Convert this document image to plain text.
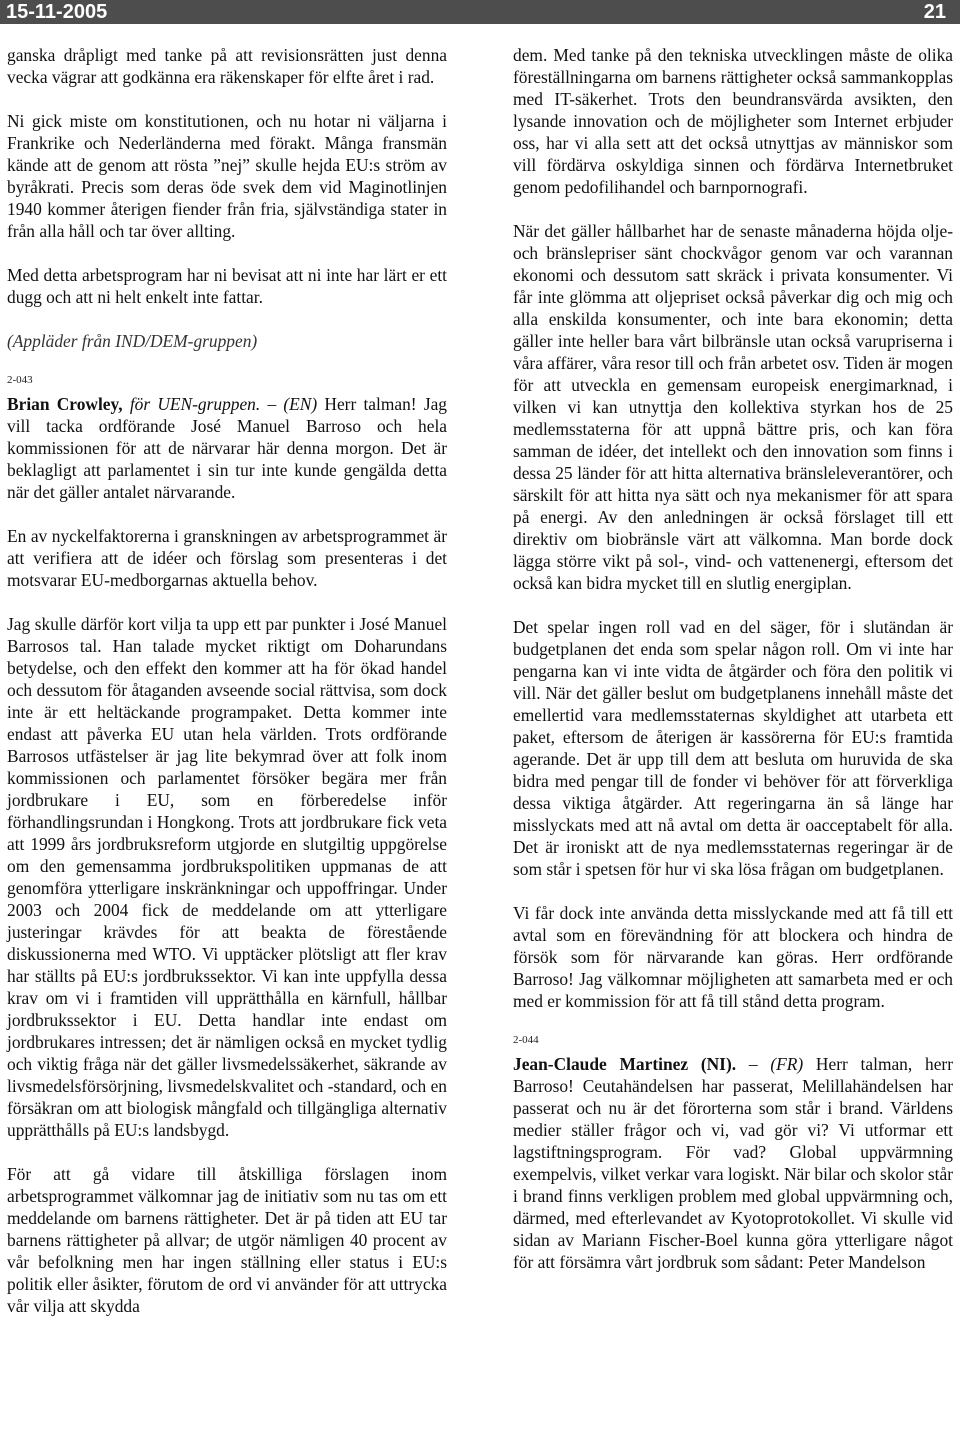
15-11-2005	21

ganska dråpligt med tanke på att revisionsrätten just denna vecka vägrar att godkänna era räkenskaper för elfte året i rad.

Ni gick miste om konstitutionen, och nu hotar ni väljarna i Frankrike och Nederländerna med förakt. Många fransmän kände att de genom att rösta ”nej” skulle hejda EU:s ström av byråkrati. Precis som deras öde svek dem vid Maginotlinjen 1940 kommer återigen fiender från fria, självständiga stater in från alla håll och tar över allting.

Med detta arbetsprogram har ni bevisat att ni inte har lärt er ett dugg och att ni helt enkelt inte fattar.

(Appläder från IND/DEM-gruppen)

2-043

Brian Crowley, för UEN-gruppen. – (EN) Herr talman! Jag vill tacka ordförande José Manuel Barroso och hela kommissionen för att de närvarar här denna morgon. Det är beklagligt att parlamentet i sin tur inte kunde gengälda detta när det gäller antalet närvarande.

En av nyckelfaktorerna i granskningen av arbetsprogrammet är att verifiera att de idéer och förslag som presenteras i det motsvarar EU-medborgarnas aktuella behov.

Jag skulle därför kort vilja ta upp ett par punkter i José Manuel Barrosos tal. Han talade mycket riktigt om Doharundans betydelse, och den effekt den kommer att ha för ökad handel och dessutom för åtaganden avseende social rättvisa, som dock inte är ett heltäckande programpaket. Detta kommer inte endast att påverka EU utan hela världen. Trots ordförande Barrosos utfästelser är jag lite bekymrad över att folk inom kommissionen och parlamentet försöker begära mer från jordbrukare i EU, som en förberedelse inför förhandlingsrundan i Hongkong. Trots att jordbrukare fick veta att 1999 års jordbruksreform utgjorde en slutgiltig uppgörelse om den gemensamma jordbrukspolitiken uppmanas de att genomföra ytterligare inskränkningar och uppoffringar. Under 2003 och 2004 fick de meddelande om att ytterligare justeringar krävdes för att beakta de förestående diskussionerna med WTO. Vi upptäcker plötsligt att fler krav har ställts på EU:s jordbrukssektor. Vi kan inte uppfylla dessa krav om vi i framtiden vill upprätthålla en kärnfull, hållbar jordbrukssektor i EU. Detta handlar inte endast om jordbrukares intressen; det är nämligen också en mycket tydlig och viktig fråga när det gäller livsmedelssäkerhet, säkrande av livsmedelsförsörjning, livsmedelskvalitet och -standard, och en försäkran om att biologisk mångfald och tillgängliga alternativ upprätthålls på EU:s landsbygd.

För att gå vidare till åtskilliga förslagen inom arbetsprogrammet välkomnar jag de initiativ som nu tas om ett meddelande om barnens rättigheter. Det är på tiden att EU tar barnens rättigheter på allvar; de utgör nämligen 40 procent av vår befolkning men har ingen ställning eller status i EU:s politik eller åsikter, förutom de ord vi använder för att uttrycka vår vilja att skydda

dem. Med tanke på den tekniska utvecklingen måste de olika föreställningarna om barnens rättigheter också sammankopplas med IT-säkerhet. Trots den beundransvärda avsikten, den lysande innovation och de möjligheter som Internet erbjuder oss, har vi alla sett att det också utnyttjas av människor som vill fördärva oskyldiga sinnen och fördärva Internetbruket genom pedofilihandel och barnpornografi.

När det gäller hållbarhet har de senaste månaderna höjda olje- och bränslepriser sänt chockvågor genom var och varannan ekonomi och dessutom satt skräck i privata konsumenter. Vi får inte glömma att oljepriset också påverkar dig och mig och alla enskilda konsumenter, och inte bara ekonomin; detta gäller inte heller bara vårt bilbränsle utan också varupriserna i våra affärer, våra resor till och från arbetet osv. Tiden är mogen för att utveckla en gemensam europeisk energimarknad, i vilken vi kan utnyttja den kollektiva styrkan hos de 25 medlemsstaterna för att uppnå bättre pris, och kan föra samman de idéer, det intellekt och den innovation som finns i dessa 25 länder för att hitta alternativa bränsleleverantörer, och särskilt för att hitta nya sätt och nya mekanismer för att spara på energi. Av den anledningen är också förslaget till ett direktiv om biobränsle värt att välkomna. Man borde dock lägga större vikt på sol-, vind- och vattenenergi, eftersom det också kan bidra mycket till en slutlig energiplan.

Det spelar ingen roll vad en del säger, för i slutändan är budgetplanen det enda som spelar någon roll. Om vi inte har pengarna kan vi inte vidta de åtgärder och föra den politik vi vill. När det gäller beslut om budgetplanens innehåll måste det emellertid vara medlemsstaternas skyldighet att utarbeta ett paket, eftersom de återigen är kassörerna för EU:s framtida agerande. Det är upp till dem att besluta om huruvida de ska bidra med pengar till de fonder vi behöver för att förverkliga dessa viktiga åtgärder. Att regeringarna än så länge har misslyckats med att nå avtal om detta är oacceptabelt för alla. Det är ironiskt att de nya medlemsstaternas regeringar är de som står i spetsen för hur vi ska lösa frågan om budgetplanen.

Vi får dock inte använda detta misslyckande med att få till ett avtal som en förevändning för att blockera och hindra de försök som för närvarande kan göras. Herr ordförande Barroso! Jag välkomnar möjligheten att samarbeta med er och med er kommission för att få till stånd detta program.

2-044

Jean-Claude Martinez (NI). – (FR) Herr talman, herr Barroso! Ceutahändelsen har passerat, Melillahändelsen har passerat och nu är det förorterna som står i brand. Världens medier ställer frågor och vi, vad gör vi? Vi utformar ett lagstiftningsprogram. För vad? Global uppvärmning exempelvis, vilket verkar vara logiskt. När bilar och skolor står i brand finns verkligen problem med global uppvärmning och, därmed, med efterlevandet av Kyotoprotokollet. Vi skulle vid sidan av Mariann Fischer-Boel kunna göra ytterligare något för att försämra vårt jordbruk som sådant: Peter Mandelson
